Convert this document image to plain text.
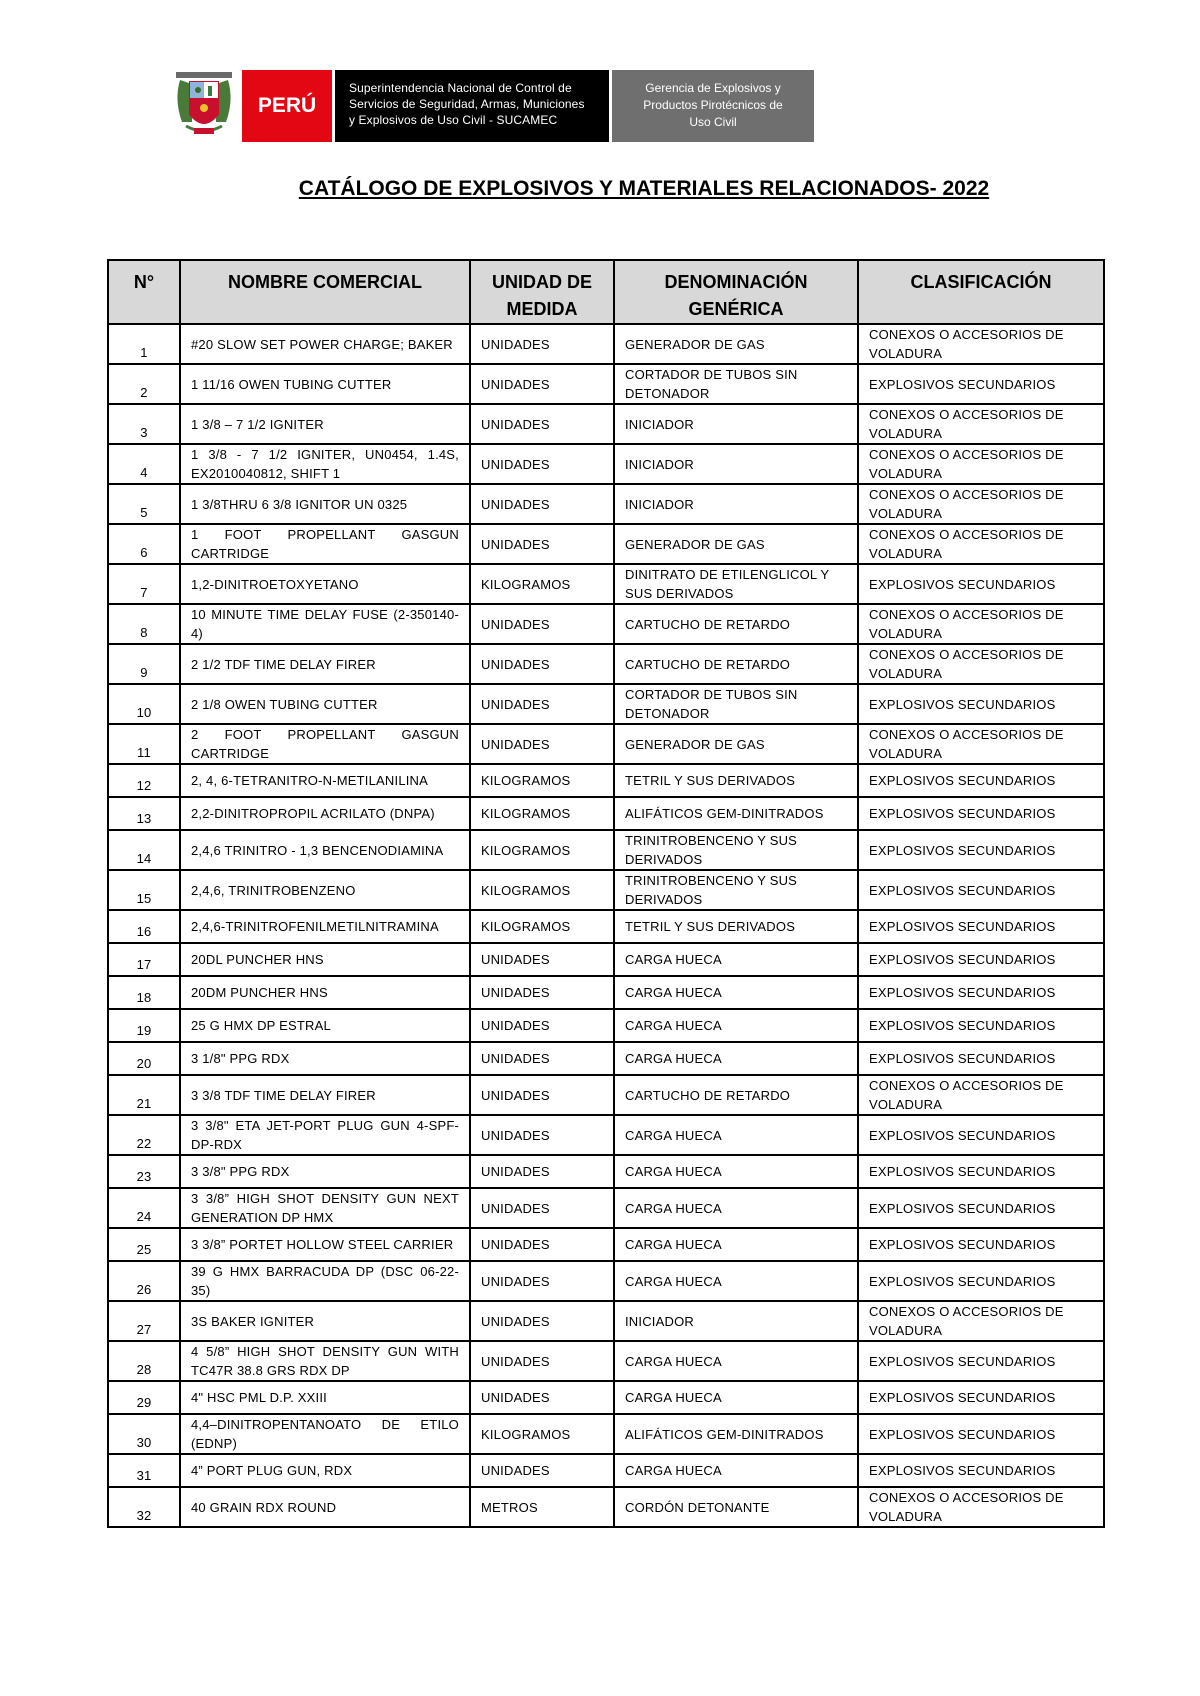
PERÚ
Superintendencia Nacional de Control de
Servicios de Seguridad, Armas, Municiones
y Explosivos de Uso Civil - SUCAMEC
Gerencia de Explosivos y
Productos Pirotécnicos de
Uso Civil
CATÁLOGO DE EXPLOSIVOS Y MATERIALES RELACIONADOS- 2022
N°	NOMBRE COMERCIAL	UNIDAD DE MEDIDA	DENOMINACIÓN GENÉRICA	CLASIFICACIÓN
1	#20 SLOW SET POWER CHARGE; BAKER	UNIDADES	GENERADOR DE GAS	CONEXOS O ACCESORIOS DE VOLADURA
2	1 11/16 OWEN TUBING CUTTER	UNIDADES	CORTADOR DE TUBOS SIN DETONADOR	EXPLOSIVOS SECUNDARIOS
3	1 3/8 – 7 1/2 IGNITER	UNIDADES	INICIADOR	CONEXOS O ACCESORIOS DE VOLADURA
4	1 3/8 - 7 1/2 IGNITER, UN0454, 1.4S, EX2010040812, SHIFT 1	UNIDADES	INICIADOR	CONEXOS O ACCESORIOS DE VOLADURA
5	1 3/8THRU 6 3/8 IGNITOR UN 0325	UNIDADES	INICIADOR	CONEXOS O ACCESORIOS DE VOLADURA
6	1 FOOT PROPELLANT GASGUN CARTRIDGE	UNIDADES	GENERADOR DE GAS	CONEXOS O ACCESORIOS DE VOLADURA
7	1,2-DINITROETOXYETANO	KILOGRAMOS	DINITRATO DE ETILENGLICOL Y SUS DERIVADOS	EXPLOSIVOS SECUNDARIOS
8	10 MINUTE TIME DELAY FUSE (2-350140-4)	UNIDADES	CARTUCHO DE RETARDO	CONEXOS O ACCESORIOS DE VOLADURA
9	2 1/2 TDF TIME DELAY FIRER	UNIDADES	CARTUCHO DE RETARDO	CONEXOS O ACCESORIOS DE VOLADURA
10	2 1/8 OWEN TUBING CUTTER	UNIDADES	CORTADOR DE TUBOS SIN DETONADOR	EXPLOSIVOS SECUNDARIOS
11	2 FOOT PROPELLANT GASGUN CARTRIDGE	UNIDADES	GENERADOR DE GAS	CONEXOS O ACCESORIOS DE VOLADURA
12	2, 4, 6-TETRANITRO-N-METILANILINA	KILOGRAMOS	TETRIL Y SUS DERIVADOS	EXPLOSIVOS SECUNDARIOS
13	2,2-DINITROPROPIL ACRILATO (DNPA)	KILOGRAMOS	ALIFÁTICOS GEM-DINITRADOS	EXPLOSIVOS SECUNDARIOS
14	2,4,6 TRINITRO - 1,3 BENCENODIAMINA	KILOGRAMOS	TRINITROBENCENO Y SUS DERIVADOS	EXPLOSIVOS SECUNDARIOS
15	2,4,6, TRINITROBENZENO	KILOGRAMOS	TRINITROBENCENO Y SUS DERIVADOS	EXPLOSIVOS SECUNDARIOS
16	2,4,6-TRINITROFENILMETILNITRAMINA	KILOGRAMOS	TETRIL Y SUS DERIVADOS	EXPLOSIVOS SECUNDARIOS
17	20DL PUNCHER HNS	UNIDADES	CARGA HUECA	EXPLOSIVOS SECUNDARIOS
18	20DM PUNCHER HNS	UNIDADES	CARGA HUECA	EXPLOSIVOS SECUNDARIOS
19	25 G HMX DP ESTRAL	UNIDADES	CARGA HUECA	EXPLOSIVOS SECUNDARIOS
20	3 1/8" PPG RDX	UNIDADES	CARGA HUECA	EXPLOSIVOS SECUNDARIOS
21	3 3/8 TDF TIME DELAY FIRER	UNIDADES	CARTUCHO DE RETARDO	CONEXOS O ACCESORIOS DE VOLADURA
22	3 3/8" ETA JET-PORT PLUG GUN 4-SPF-DP-RDX	UNIDADES	CARGA HUECA	EXPLOSIVOS SECUNDARIOS
23	3 3/8" PPG RDX	UNIDADES	CARGA HUECA	EXPLOSIVOS SECUNDARIOS
24	3 3/8” HIGH SHOT DENSITY GUN NEXT GENERATION DP HMX	UNIDADES	CARGA HUECA	EXPLOSIVOS SECUNDARIOS
25	3 3/8” PORTET HOLLOW STEEL CARRIER	UNIDADES	CARGA HUECA	EXPLOSIVOS SECUNDARIOS
26	39 G HMX BARRACUDA DP (DSC 06-22-35)	UNIDADES	CARGA HUECA	EXPLOSIVOS SECUNDARIOS
27	3S BAKER IGNITER	UNIDADES	INICIADOR	CONEXOS O ACCESORIOS DE VOLADURA
28	4 5/8” HIGH SHOT DENSITY GUN WITH TC47R 38.8 GRS RDX DP	UNIDADES	CARGA HUECA	EXPLOSIVOS SECUNDARIOS
29	4" HSC PML D.P. XXIII	UNIDADES	CARGA HUECA	EXPLOSIVOS SECUNDARIOS
30	4,4–DINITROPENTANOATO DE ETILO (EDNP)	KILOGRAMOS	ALIFÁTICOS GEM-DINITRADOS	EXPLOSIVOS SECUNDARIOS
31	4” PORT PLUG GUN, RDX	UNIDADES	CARGA HUECA	EXPLOSIVOS SECUNDARIOS
32	40 GRAIN RDX ROUND	METROS	CORDÓN DETONANTE	CONEXOS O ACCESORIOS DE VOLADURA
